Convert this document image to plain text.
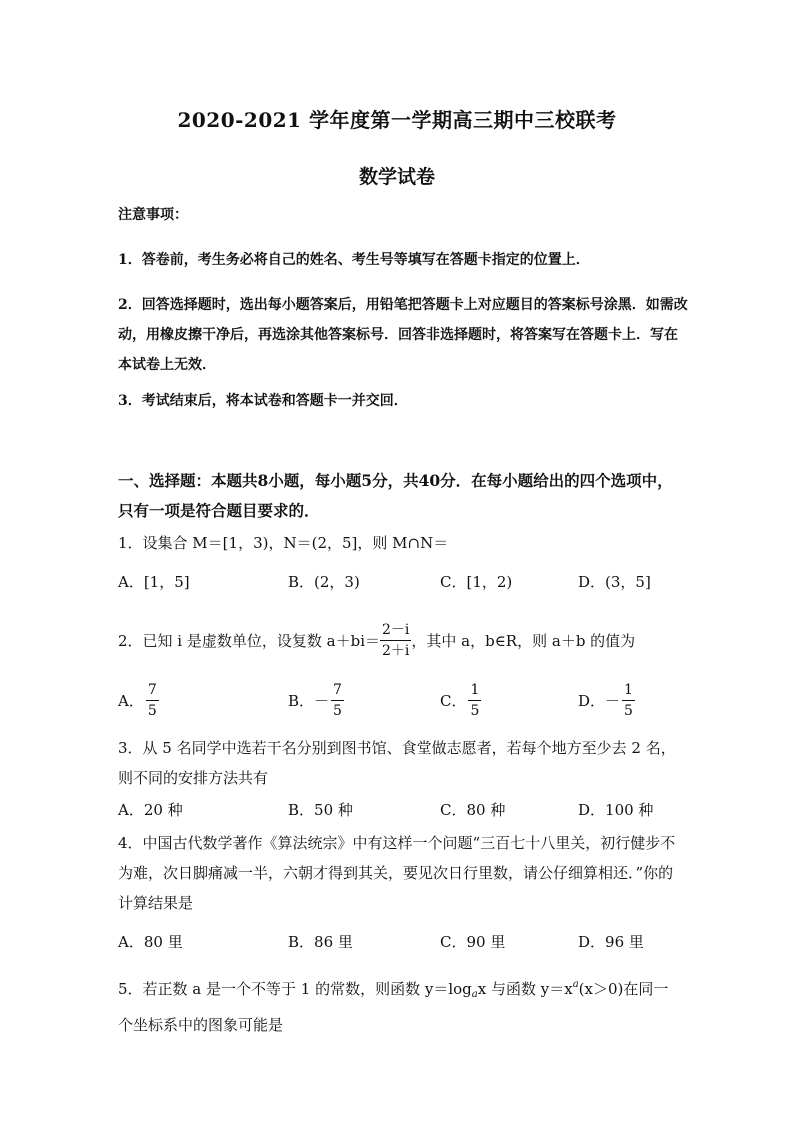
2020-2021 学年度第一学期高三期中三校联考
数学试卷
注意事项：
1．答卷前，考生务必将自己的姓名、考生号等填写在答题卡指定的位置上．
2．回答选择题时，选出每小题答案后，用铅笔把答题卡上对应题目的答案标号涂黑．如需改动，用橡皮擦干净后，再选涂其他答案标号．回答非选择题时，将答案写在答题卡上．写在本试卷上无效．
3．考试结束后，将本试卷和答题卡一并交回．
一、选择题：本题共8小题，每小题5分，共40分．在每小题给出的四个选项中，只有一项是符合题目要求的．
1．设集合 M＝[1，3)，N＝(2，5]，则 M∩N＝
A．[1，5]	B．(2，3)	C．[1，2)	D．(3，5]
2．已知 i 是虚数单位，设复数 $a+bi= \frac{2-i}{2+i}$ ，其中 a，b∈R，则 a＋b 的值为
A． $\frac{7}{5}$	B． － $\frac{7}{5}$	C． $\frac{1}{5}$	D． － $\frac{1}{5}$
3．从 5 名同学中选若干名分别到图书馆、食堂做志愿者，若每个地方至少去 2 名，则不同的安排方法共有
A．20 种	B．50 种	C．80 种	D．100 种
4．中国古代数学著作《算法统宗》中有这样一个问题“三百七十八里关，初行健步不为难，次日脚痛减一半，六朝才得到其关，要见次日行里数，请公仔细算相还．”你的计算结果是
A．80 里	B．86 里	C．90 里	D．96 里
5．若正数 a 是一个不等于 1 的常数，则函数 $y=\log_ax$ 与函数 $y=x^a(x>0)$在同一个坐标系中的图象可能是
